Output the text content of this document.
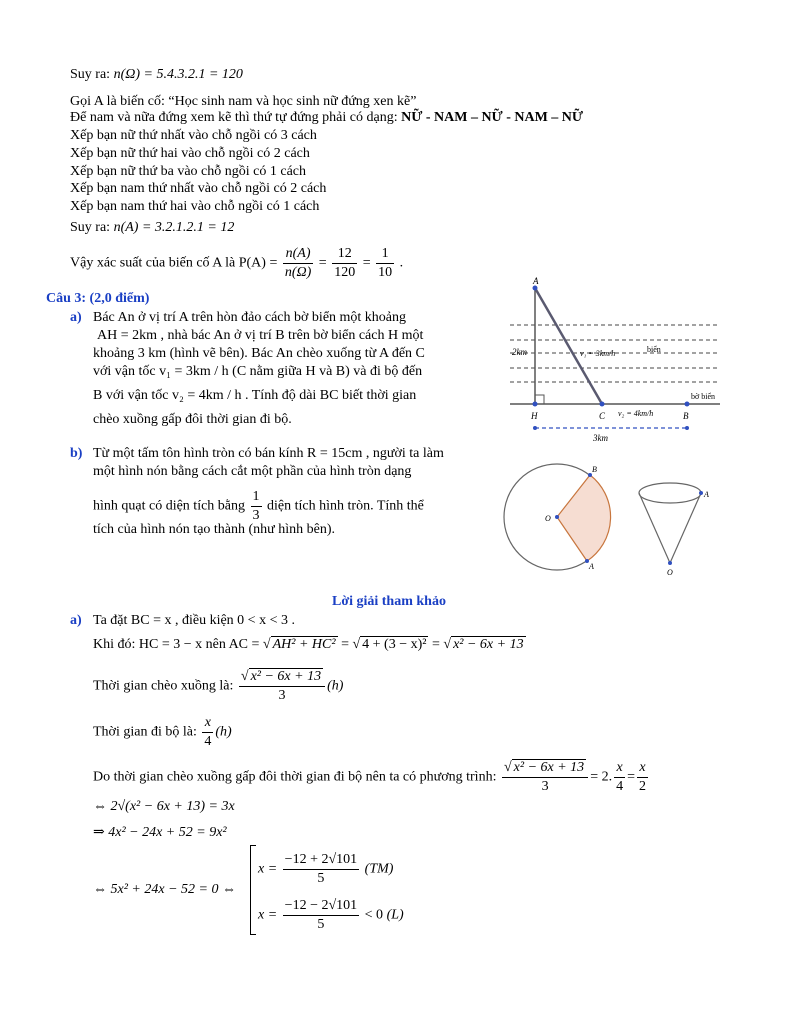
Suy ra: n(Ω) = 5.4.3.2.1 = 120
Gọi A là biến cố: “Học sinh nam và học sinh nữ đứng xen kẽ”
Để nam và nữa đứng xem kẽ thì thứ tự đứng phải có dạng: NỮ - NAM – NỮ - NAM – NỮ
Xếp bạn nữ thứ nhất vào chỗ ngồi có 3 cách
Xếp bạn nữ thứ hai vào chỗ ngồi có 2 cách
Xếp bạn nữ thứ ba vào chỗ ngồi có 1 cách
Xếp bạn nam thứ nhất vào chỗ ngồi có 2 cách
Xếp bạn nam thứ hai vào chỗ ngồi có 1 cách
Suy ra: n(A) = 3.2.1.2.1 = 12
Vậy xác suất của biến cố A là $P(A) = \frac{n(A)}{n(\Omega)} = \frac{12}{120} = \frac{1}{10}$ .
Câu 3: (2,0 điểm)
a) Bác An ở vị trí A trên hòn đảo cách bờ biển một khoảng
AH = 2km , nhà bác An ở vị trí B trên bờ biển cách H một
khoảng 3 km (hình vẽ bên). Bác An chèo xuống từ A đến C
với vận tốc v₁ = 3km / h (C nằm giữa H và B) và đi bộ đến
B với vận tốc v₂ = 4km / h . Tính độ dài BC biết thời gian
chèo xuồng gấp đôi thời gian đi bộ.
b) Từ một tấm tôn hình tròn có bán kính R = 15cm , người ta làm
một hình nón bằng cách cắt một phần của hình tròn dạng
hình quạt có diện tích bằng $\frac{1}{3}$ diện tích hình tròn. Tính thể
tích của hình nón tạo thành (như hình bên).
A
H	C	B
2km	v₁ = 3km/h	biển
v₂ = 4km/h
bờ biển
3km
O
B
A
A
O
Lời giải tham khảo
a) Ta đặt BC = x , điều kiện 0 < x < 3 .
Khi đó: HC = 3 − x nên AC = √ AH² + HC² = √ 4 + (3 − x)² = √ x² − 6x + 13
Thời gian chèo xuồng là: $\frac{\text{√ x² − 6x + 13}}{3} (h)$
Thời gian đi bộ là: $\frac{x}{4} (h)$
Do thời gian chèo xuồng gấp đôi thời gian đi bộ nên ta có phương trình: $\frac{\text{√ x² − 6x + 13}}{3} = 2$. $\frac{x}{4} = \frac{x}{2}$
⇔ 2√(x² − 6x + 13) = 3x
⇒ 4x² − 24x + 52 = 9x²
⇔ 5x² + 24x − 52 = 0 ⇔
$x = \frac{-12 + 2√101}{5} (TM)$
$x = \frac{-12 - 2√101}{5} < 0$ (L)
